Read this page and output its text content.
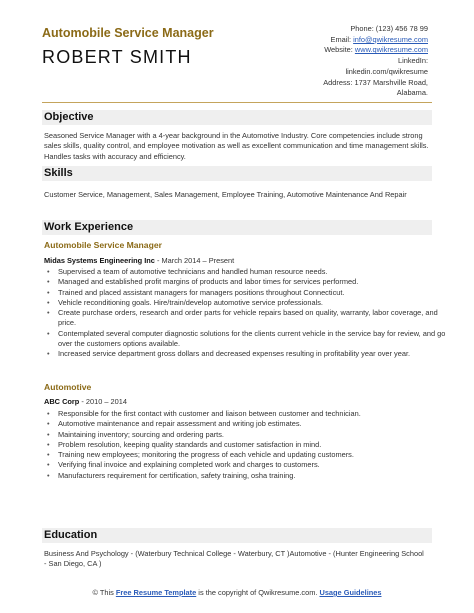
Automobile Service Manager
ROBERT SMITH
Phone: (123) 456 78 99
Email: info@qwikresume.com
Website: www.qwikresume.com
LinkedIn:
linkedin.com/qwikresume
Address: 1737 Marshville Road,
Alabama.
Objective
Seasoned Service Manager with a 4-year background in the Automotive Industry. Core competencies include strong sales skills, quality control, and employee motivation as well as excellent communication and time management skills. Handles tasks with accuracy and efficiency.
Skills
Customer Service, Management, Sales Management, Employee Training, Automotive Maintenance And Repair
Work Experience
Automobile Service Manager
Midas Systems Engineering Inc - March 2014 – Present
• Supervised a team of automotive technicians and handled human resource needs.
• Managed and established profit margins of products and labor times for services performed.
• Trained and placed assistant managers for managers positions throughout Connecticut.
• Vehicle reconditioning goals. Hire/train/develop automotive service professionals.
• Create purchase orders, research and order parts for vehicle repairs based on quality, warranty, labor coverage, and price.
• Contemplated several computer diagnostic solutions for the clients current vehicle in the service bay for review, and go over the customers options available.
• Increased service department gross dollars and decreased expenses resulting in profitability year over year.
Automotive
ABC Corp - 2010 – 2014
• Responsible for the first contact with customer and liaison between customer and technician.
• Automotive maintenance and repair assessment and writing job estimates.
• Maintaining inventory; sourcing and ordering parts.
• Problem resolution, keeping quality standards and customer satisfaction in mind.
• Training new employees; monitoring the progress of each vehicle and updating customers.
• Verifying final invoice and explaining completed work and charges to customers.
• Manufacturers requirement for certification, safety training, osha training.
Education
Business And Psychology - (Waterbury Technical College - Waterbury, CT )Automotive - (Hunter Engineering School - San Diego, CA )
© This Free Resume Template is the copyright of Qwikresume.com. Usage Guidelines
